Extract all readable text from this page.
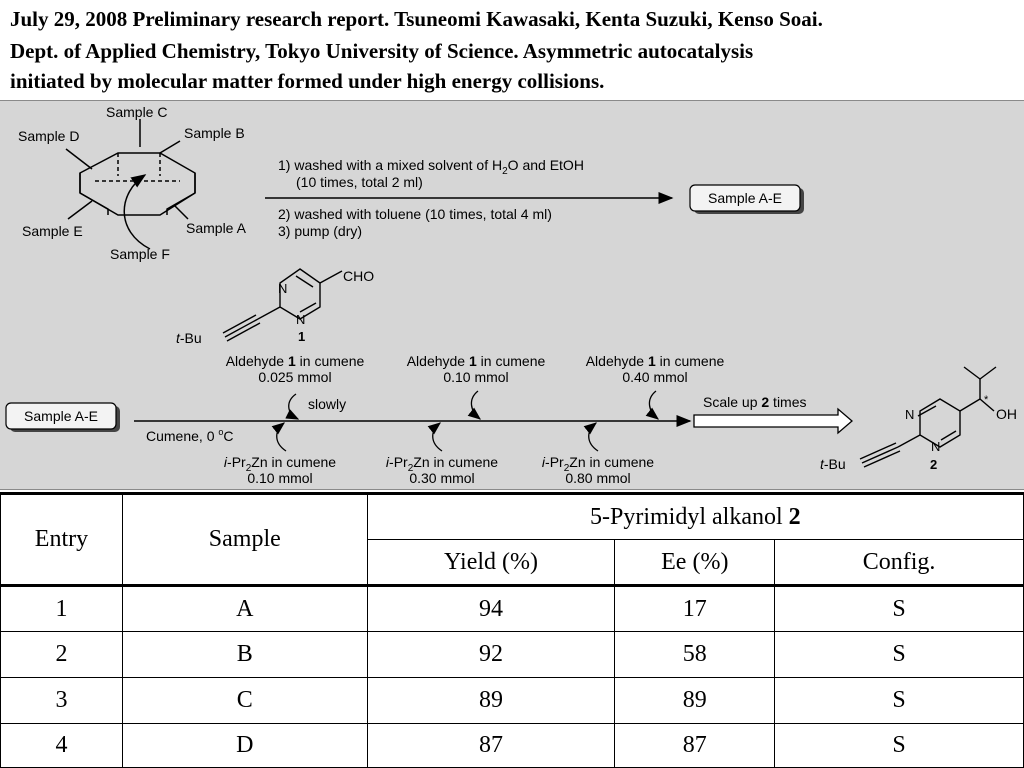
July 29, 2008 Preliminary research report. Tsuneomi Kawasaki, Kenta Suzuki, Kenso Soai.
Dept. of Applied Chemistry, Tokyo University of Science. Asymmetric autocatalysis
initiated by molecular matter formed under high energy collisions.
Sample C
Sample D	Sample B
Sample E	Sample A
Sample F
1) washed with a mixed solvent of $H_2O$ and EtOH
(10 times, total 2 ml)
2) washed with toluene (10 times, total 4 ml)
3) pump (dry)
Sample A-E
CHO
N
N
t-Bu	1
Aldehyde 1 in cumene
0.025 mmol
Aldehyde 1 in cumene
0.10 mmol
Aldehyde 1 in cumene
0.40 mmol
slowly
Sample A-E
Cumene, 0 $^o$C
$i-Pr_2Zn$ in cumene
0.10 mmol
$i-Pr_2Zn$ in cumene
0.30 mmol
$i-Pr_2Zn$ in cumene
0.80 mmol
Scale up 2 times
N
N
OH
*
t-Bu	2
Entry	Sample	5-Pyrimidyl alkanol 2		
		Yield (%)	Ee (%)	Config.
1	A	94	17	S
2	B	92	58	S
3	C	89	89	S
4	D	87	87	S
